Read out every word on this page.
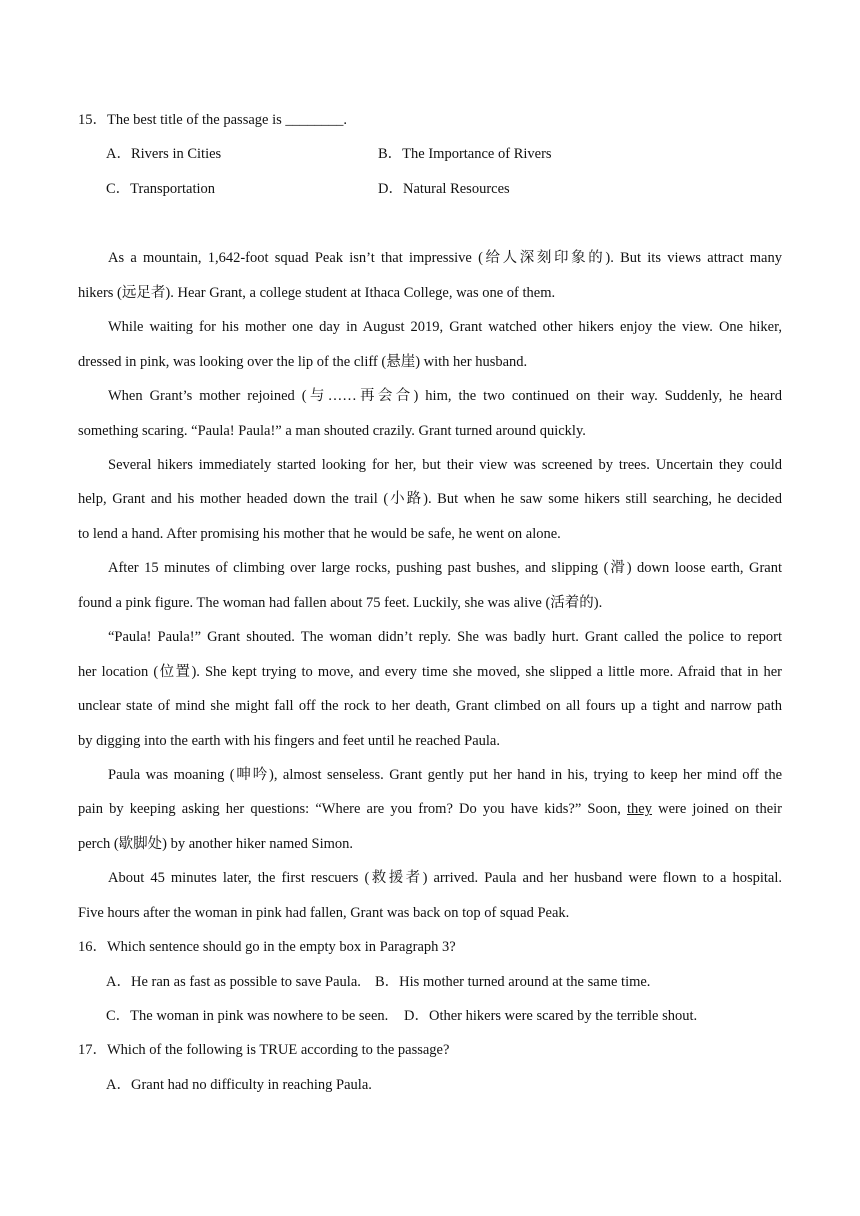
15．The best title of the passage is ________.
A．Rivers in Cities	B．The Importance of Rivers
C．Transportation	D．Natural Resources
As a mountain, 1,642-foot squad Peak isn’t that impressive (给人深刻印象的). But its views attract many
hikers (远足者). Hear Grant, a college student at Ithaca College, was one of them.
While waiting for his mother one day in August 2019, Grant watched other hikers enjoy the view. One hiker,
dressed in pink, was looking over the lip of the cliff (悬崖) with her husband.
When Grant’s mother rejoined (与……再会合) him, the two continued on their way. Suddenly, he heard
something scaring. “Paula! Paula!” a man shouted crazily. Grant turned around quickly.
Several hikers immediately started looking for her, but their view was screened by trees. Uncertain they could
help, Grant and his mother headed down the trail (小路). But when he saw some hikers still searching, he decided
to lend a hand. After promising his mother that he would be safe, he went on alone.
After 15 minutes of climbing over large rocks, pushing past bushes, and slipping (滑) down loose earth, Grant
found a pink figure. The woman had fallen about 75 feet. Luckily, she was alive (活着的).
“Paula! Paula!” Grant shouted. The woman didn’t reply. She was badly hurt. Grant called the police to report
her location (位置). She kept trying to move, and every time she moved, she slipped a little more. Afraid that in her
unclear state of mind she might fall off the rock to her death, Grant climbed on all fours up a tight and narrow path
by digging into the earth with his fingers and feet until he reached Paula.
Paula was moaning (呻吟), almost senseless. Grant gently put her hand in his, trying to keep her mind off the
pain by keeping asking her questions: “Where are you from? Do you have kids?” Soon, they were joined on their
perch (歇脚处) by another hiker named Simon.
About 45 minutes later, the first rescuers (救援者) arrived. Paula and her husband were flown to a hospital.
Five hours after the woman in pink had fallen, Grant was back on top of squad Peak.
16．Which sentence should go in the empty box in Paragraph 3?
A．He ran as fast as possible to save Paula. B．His mother turned around at the same time.
C．The woman in pink was nowhere to be seen. D．Other hikers were scared by the terrible shout.
17．Which of the following is TRUE according to the passage?
A．Grant had no difficulty in reaching Paula.
